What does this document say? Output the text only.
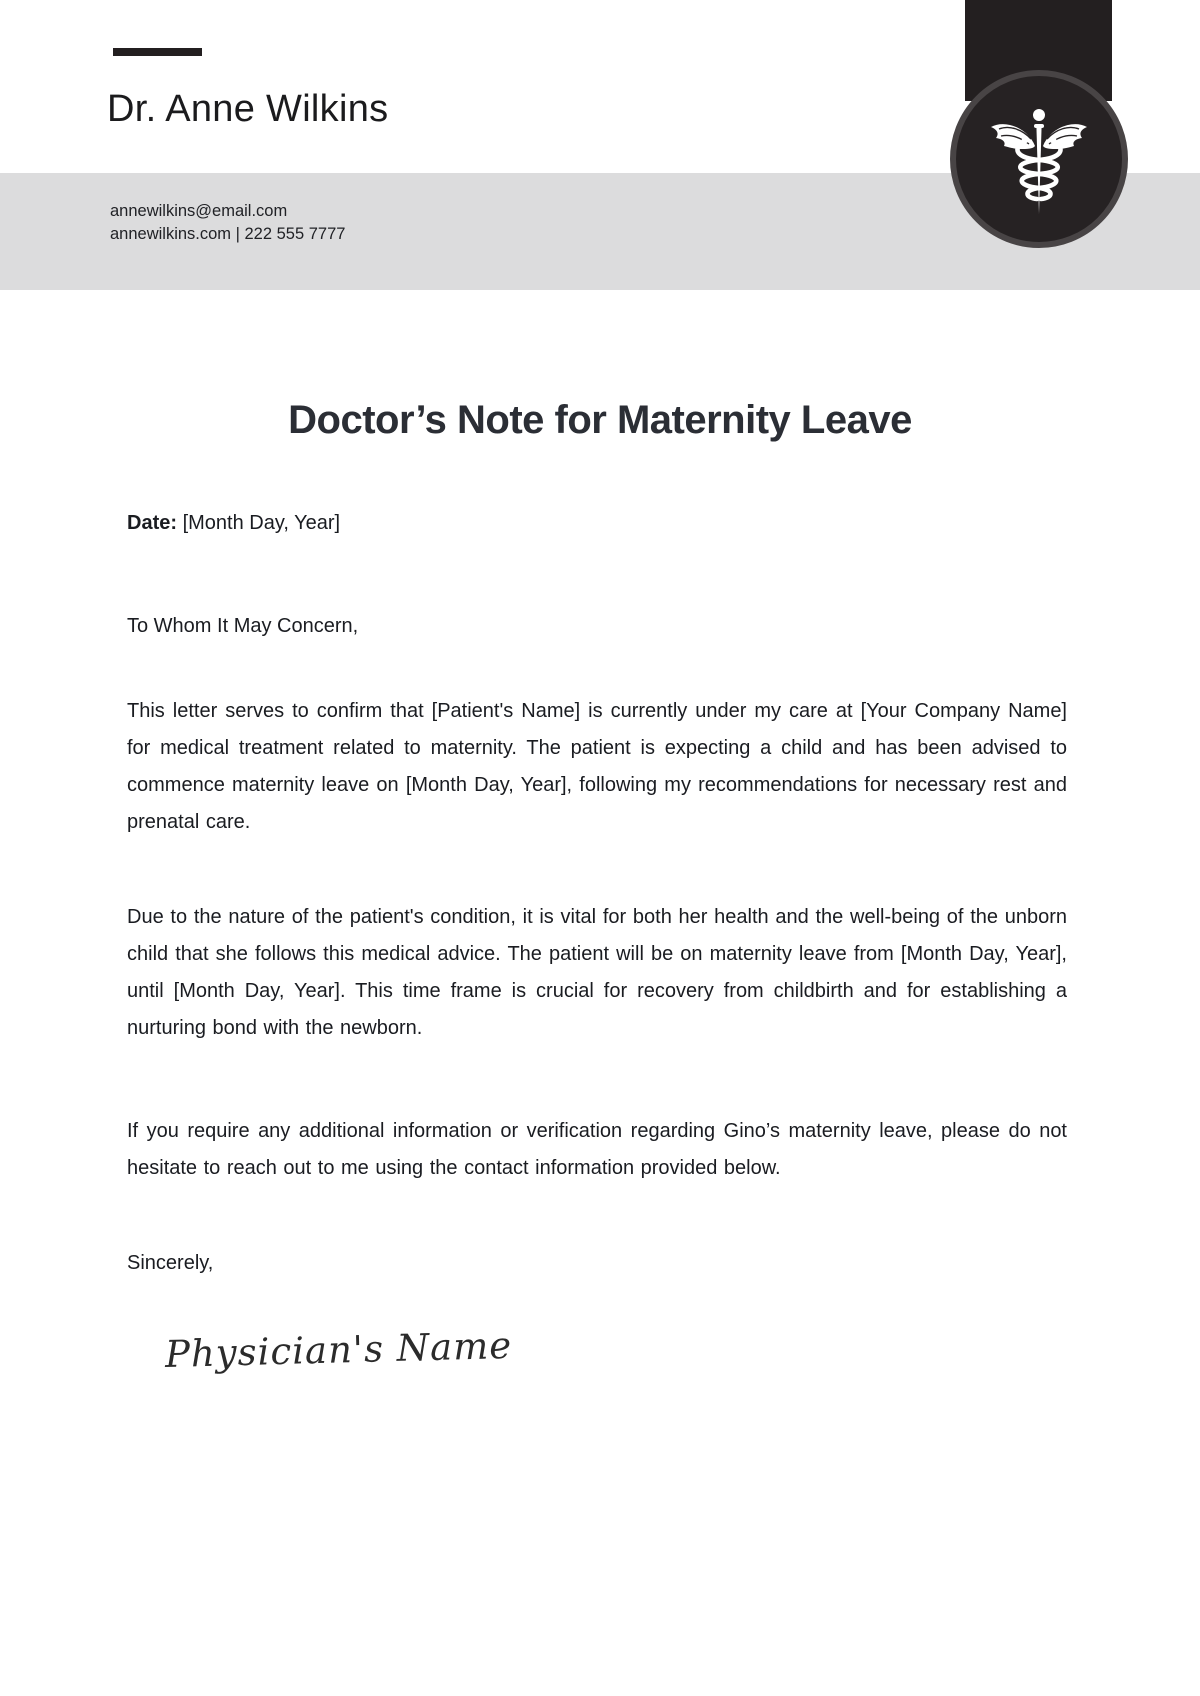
Dr. Anne Wilkins
annewilkins@email.com
annewilkins.com | 222 555 7777
Doctor’s Note for Maternity Leave
Date: [Month Day, Year]
To Whom It May Concern,

This letter serves to confirm that [Patient's Name] is currently under my care at [Your Company Name] for medical treatment related to maternity. The patient is expecting a child and has been advised to commence maternity leave on [Month Day, Year], following my recommendations for necessary rest and prenatal care.

Due to the nature of the patient's condition, it is vital for both her health and the well-being of the unborn child that she follows this medical advice. The patient will be on maternity leave from [Month Day, Year], until [Month Day, Year]. This time frame is crucial for recovery from childbirth and for establishing a nurturing bond with the newborn.

If you require any additional information or verification regarding Gino’s maternity leave, please do not hesitate to reach out to me using the contact information provided below.

Sincerely,
Physician's Name
